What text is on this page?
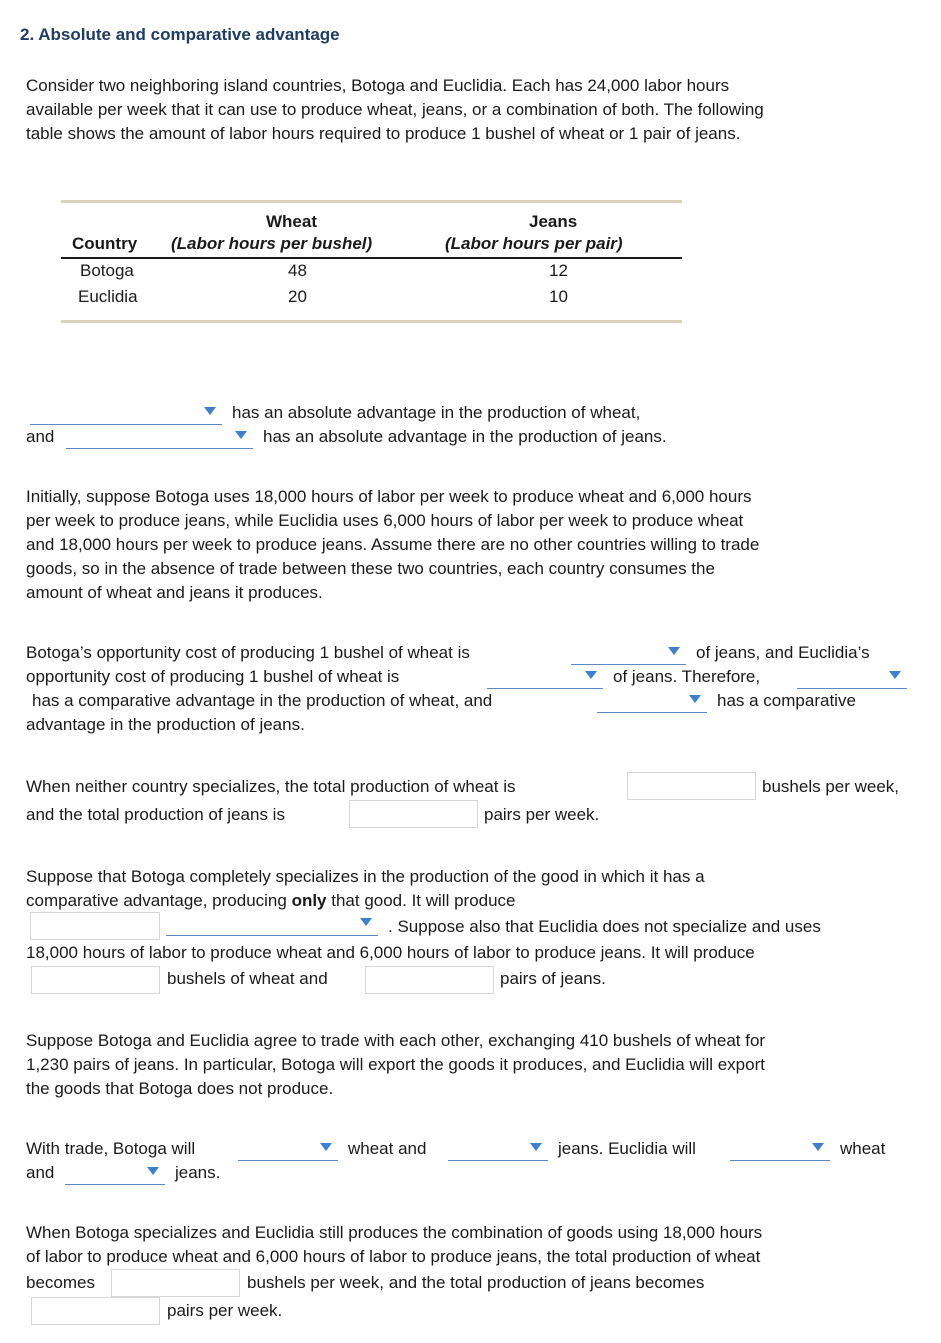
2. Absolute and comparative advantage
Consider two neighboring island countries, Botoga and Euclidia. Each has 24,000 labor hours
available per week that it can use to produce wheat, jeans, or a combination of both. The following
table shows the amount of labor hours required to produce 1 bushel of wheat or 1 pair of jeans.
Wheat	Jeans
Country (Labor hours per bushel)	(Labor hours per pair)
Botoga	48	12
Euclidia	20	10
has an absolute advantage in the production of wheat,
and	has an absolute advantage in the production of jeans.
Initially, suppose Botoga uses 18,000 hours of labor per week to produce wheat and 6,000 hours
per week to produce jeans, while Euclidia uses 6,000 hours of labor per week to produce wheat
and 18,000 hours per week to produce jeans. Assume there are no other countries willing to trade
goods, so in the absence of trade between these two countries, each country consumes the
amount of wheat and jeans it produces.
Botoga’s opportunity cost of producing 1 bushel of wheat is	of jeans, and Euclidia’s
opportunity cost of producing 1 bushel of wheat is	of jeans. Therefore,
has a comparative advantage in the production of wheat, and	has a comparative
advantage in the production of jeans.
When neither country specializes, the total production of wheat is	bushels per week,
and the total production of jeans is	pairs per week.
Suppose that Botoga completely specializes in the production of the good in which it has a
comparative advantage, producing only that good. It will produce
. Suppose also that Euclidia does not specialize and uses
18,000 hours of labor to produce wheat and 6,000 hours of labor to produce jeans. It will produce
bushels of wheat and	pairs of jeans.
Suppose Botoga and Euclidia agree to trade with each other, exchanging 410 bushels of wheat for
1,230 pairs of jeans. In particular, Botoga will export the goods it produces, and Euclidia will export
the goods that Botoga does not produce.
With trade, Botoga will	wheat and	jeans. Euclidia will	wheat
and	jeans.
When Botoga specializes and Euclidia still produces the combination of goods using 18,000 hours
of labor to produce wheat and 6,000 hours of labor to produce jeans, the total production of wheat
becomes	bushels per week, and the total production of jeans becomes
pairs per week.
